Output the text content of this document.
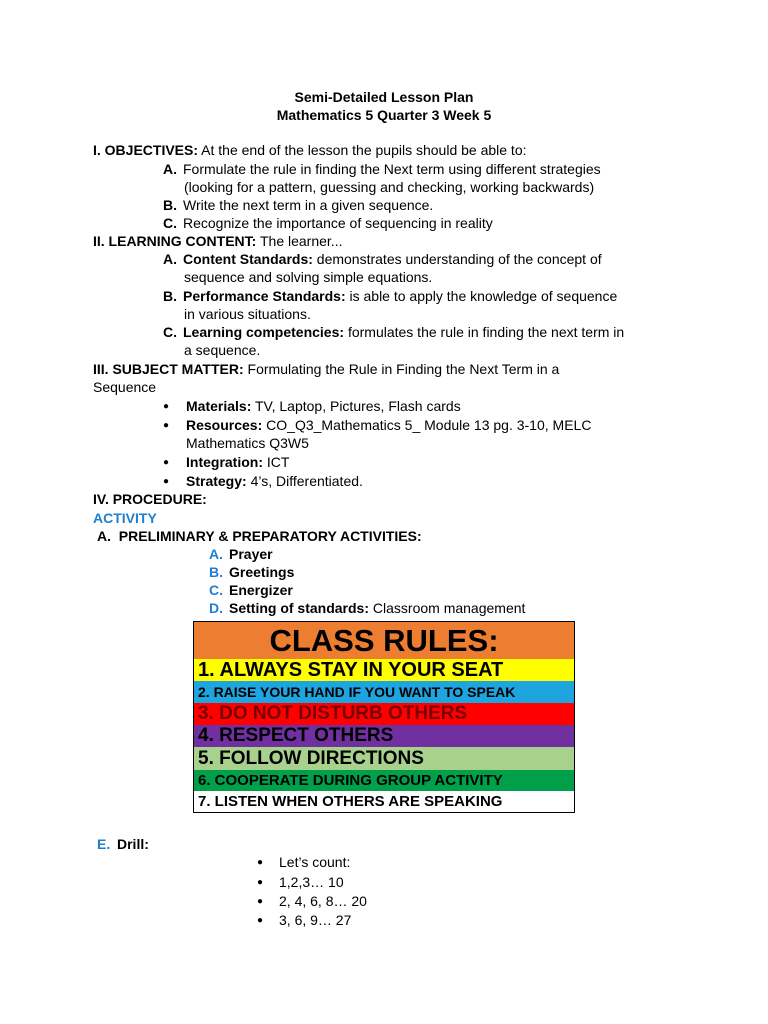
Semi-Detailed Lesson Plan
Mathematics 5 Quarter 3 Week 5
I. OBJECTIVES: At the end of the lesson the pupils should be able to:
A. Formulate the rule in finding the Next term using different strategies
(looking for a pattern, guessing and checking, working backwards)
B. Write the next term in a given sequence.
C. Recognize the importance of sequencing in reality
II. LEARNING CONTENT: The learner...
A. Content Standards: demonstrates understanding of the concept of
sequence and solving simple equations.
B. Performance Standards: is able to apply the knowledge of sequence
in various situations.
C. Learning competencies: formulates the rule in finding the next term in
a sequence.
III. SUBJECT MATTER: Formulating the Rule in Finding the Next Term in a
Sequence
● Materials: TV, Laptop, Pictures, Flash cards
● Resources: CO_Q3_Mathematics 5_ Module 13 pg. 3-10, MELC
Mathematics Q3W5
● Integration: ICT
● Strategy: 4’s, Differentiated.
IV. PROCEDURE:
ACTIVITY
A.  PRELIMINARY & PREPARATORY ACTIVITIES:
A. Prayer
B. Greetings
C. Energizer
D. Setting of standards: Classroom management
CLASS RULES:
1. ALWAYS STAY IN YOUR SEAT
2. RAISE YOUR HAND IF YOU WANT TO SPEAK
3. DO NOT DISTURB OTHERS
4. RESPECT OTHERS
5. FOLLOW DIRECTIONS
6. COOPERATE DURING GROUP ACTIVITY
7. LISTEN WHEN OTHERS ARE SPEAKING
E. Drill:
● Let’s count:
● 1,2,3… 10
● 2, 4, 6, 8… 20
● 3, 6, 9… 27
